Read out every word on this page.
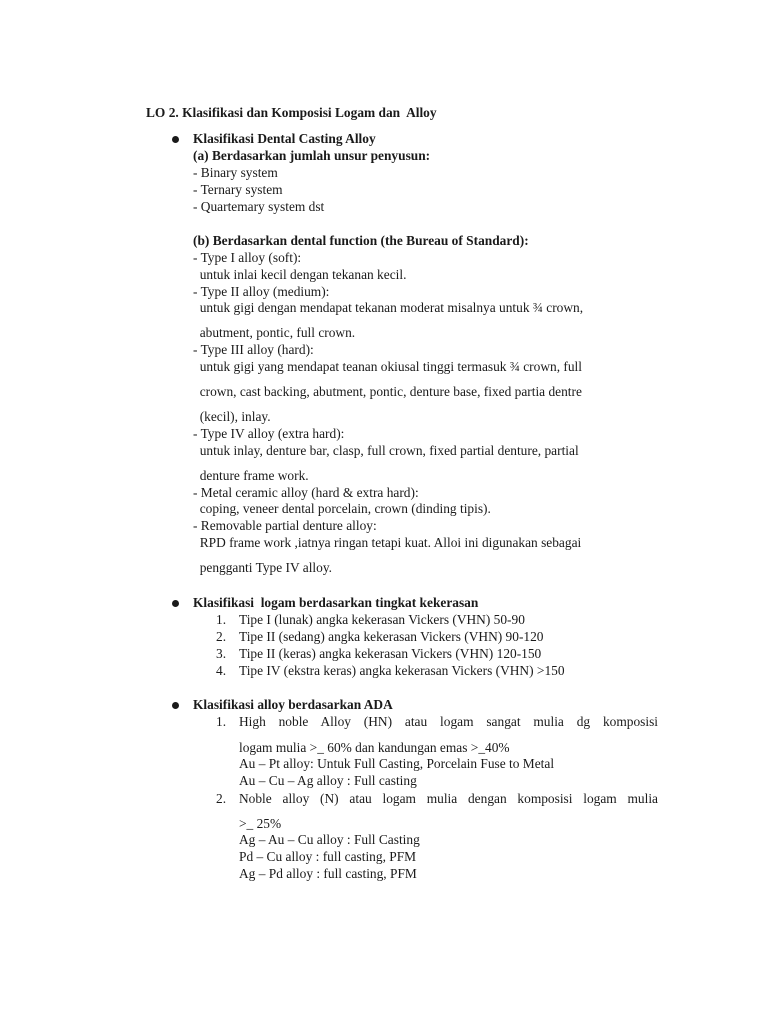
LO 2. Klasifikasi dan Komposisi Logam dan  Alloy
Klasifikasi Dental Casting Alloy
(a) Berdasarkan jumlah unsur penyusun:
- Binary system
- Ternary system
- Quartemary system dst
(b) Berdasarkan dental function (the Bureau of Standard):
- Type I alloy (soft):
untuk inlai kecil dengan tekanan kecil.
- Type II alloy (medium):
untuk gigi dengan mendapat tekanan moderat misalnya untuk ¾ crown,
abutment, pontic, full crown.
- Type III alloy (hard):
untuk gigi yang mendapat teanan okiusal tinggi termasuk ¾ crown, full
crown, cast backing, abutment, pontic, denture base, fixed partia dentre
(kecil), inlay.
- Type IV alloy (extra hard):
untuk inlay, denture bar, clasp, full crown, fixed partial denture, partial
denture frame work.
- Metal ceramic alloy (hard & extra hard):
coping, veneer dental porcelain, crown (dinding tipis).
- Removable partial denture alloy:
RPD frame work ,iatnya ringan tetapi kuat. Alloi ini digunakan sebagai
pengganti Type IV alloy.
Klasifikasi  logam berdasarkan tingkat kekerasan
1. Tipe I (lunak) angka kekerasan Vickers (VHN) 50-90
2. Tipe II (sedang) angka kekerasan Vickers (VHN) 90-120
3. Tipe II (keras) angka kekerasan Vickers (VHN) 120-150
4. Tipe IV (ekstra keras) angka kekerasan Vickers (VHN) >150
Klasifikasi alloy berdasarkan ADA
1. High noble Alloy (HN) atau logam sangat mulia dg komposisi
logam mulia >_ 60% dan kandungan emas >_40%
Au – Pt alloy: Untuk Full Casting, Porcelain Fuse to Metal
Au – Cu – Ag alloy : Full casting
2. Noble alloy (N) atau logam mulia dengan komposisi logam mulia
>_ 25%
Ag – Au – Cu alloy : Full Casting
Pd – Cu alloy : full casting, PFM
Ag – Pd alloy : full casting, PFM
